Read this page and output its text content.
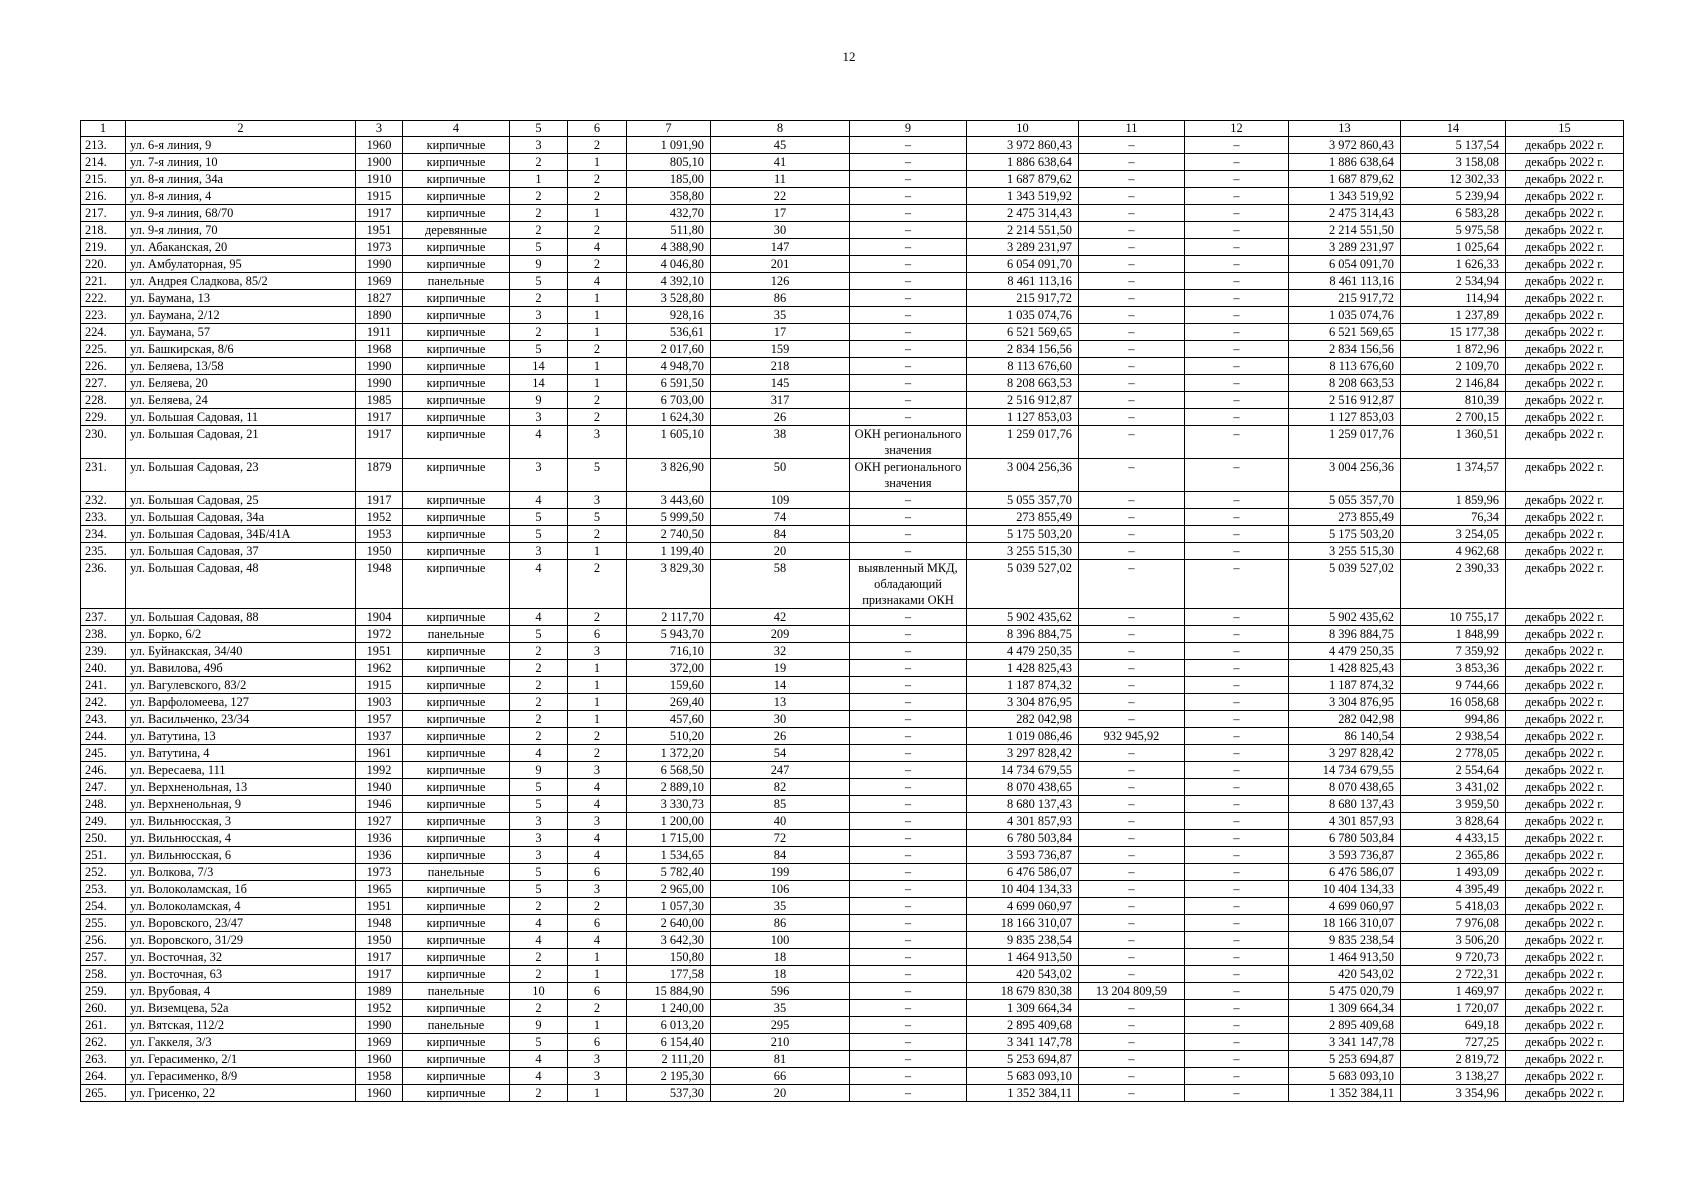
12
1	2	3	4	5	6	7	8	9	10	11	12	13	14	15
213.	ул. 6-я линия, 9	1960	кирпичные	3	2	1 091,90	45	–	3 972 860,43	–	–	3 972 860,43	5 137,54	декабрь 2022 г.
214.	ул. 7-я линия, 10	1900	кирпичные	2	1	805,10	41	–	1 886 638,64	–	–	1 886 638,64	3 158,08	декабрь 2022 г.
215.	ул. 8-я линия, 34а	1910	кирпичные	1	2	185,00	11	–	1 687 879,62	–	–	1 687 879,62	12 302,33	декабрь 2022 г.
216.	ул. 8-я линия, 4	1915	кирпичные	2	2	358,80	22	–	1 343 519,92	–	–	1 343 519,92	5 239,94	декабрь 2022 г.
217.	ул. 9-я линия, 68/70	1917	кирпичные	2	1	432,70	17	–	2 475 314,43	–	–	2 475 314,43	6 583,28	декабрь 2022 г.
218.	ул. 9-я линия, 70	1951	деревянные	2	2	511,80	30	–	2 214 551,50	–	–	2 214 551,50	5 975,58	декабрь 2022 г.
219.	ул. Абаканская, 20	1973	кирпичные	5	4	4 388,90	147	–	3 289 231,97	–	–	3 289 231,97	1 025,64	декабрь 2022 г.
220.	ул. Амбулаторная, 95	1990	кирпичные	9	2	4 046,80	201	–	6 054 091,70	–	–	6 054 091,70	1 626,33	декабрь 2022 г.
221.	ул. Андрея Сладкова, 85/2	1969	панельные	5	4	4 392,10	126	–	8 461 113,16	–	–	8 461 113,16	2 534,94	декабрь 2022 г.
222.	ул. Баумана, 13	1827	кирпичные	2	1	3 528,80	86	–	215 917,72	–	–	215 917,72	114,94	декабрь 2022 г.
223.	ул. Баумана, 2/12	1890	кирпичные	3	1	928,16	35	–	1 035 074,76	–	–	1 035 074,76	1 237,89	декабрь 2022 г.
224.	ул. Баумана, 57	1911	кирпичные	2	1	536,61	17	–	6 521 569,65	–	–	6 521 569,65	15 177,38	декабрь 2022 г.
225.	ул. Башкирская, 8/6	1968	кирпичные	5	2	2 017,60	159	–	2 834 156,56	–	–	2 834 156,56	1 872,96	декабрь 2022 г.
226.	ул. Беляева, 13/58	1990	кирпичные	14	1	4 948,70	218	–	8 113 676,60	–	–	8 113 676,60	2 109,70	декабрь 2022 г.
227.	ул. Беляева, 20	1990	кирпичные	14	1	6 591,50	145	–	8 208 663,53	–	–	8 208 663,53	2 146,84	декабрь 2022 г.
228.	ул. Беляева, 24	1985	кирпичные	9	2	6 703,00	317	–	2 516 912,87	–	–	2 516 912,87	810,39	декабрь 2022 г.
229.	ул. Большая Садовая, 11	1917	кирпичные	3	2	1 624,30	26	–	1 127 853,03	–	–	1 127 853,03	2 700,15	декабрь 2022 г.
230.	ул. Большая Садовая, 21	1917	кирпичные	4	3	1 605,10	38	ОКН регионального значения	1 259 017,76	–	–	1 259 017,76	1 360,51	декабрь 2022 г.
231.	ул. Большая Садовая, 23	1879	кирпичные	3	5	3 826,90	50	ОКН регионального значения	3 004 256,36	–	–	3 004 256,36	1 374,57	декабрь 2022 г.
232.	ул. Большая Садовая, 25	1917	кирпичные	4	3	3 443,60	109	–	5 055 357,70	–	–	5 055 357,70	1 859,96	декабрь 2022 г.
233.	ул. Большая Садовая, 34а	1952	кирпичные	5	5	5 999,50	74	–	273 855,49	–	–	273 855,49	76,34	декабрь 2022 г.
234.	ул. Большая Садовая, 34Б/41А	1953	кирпичные	5	2	2 740,50	84	–	5 175 503,20	–	–	5 175 503,20	3 254,05	декабрь 2022 г.
235.	ул. Большая Садовая, 37	1950	кирпичные	3	1	1 199,40	20	–	3 255 515,30	–	–	3 255 515,30	4 962,68	декабрь 2022 г.
236.	ул. Большая Садовая, 48	1948	кирпичные	4	2	3 829,30	58	выявленный МКД, обладающий признаками ОКН	5 039 527,02	–	–	5 039 527,02	2 390,33	декабрь 2022 г.
237.	ул. Большая Садовая, 88	1904	кирпичные	4	2	2 117,70	42	–	5 902 435,62	–	–	5 902 435,62	10 755,17	декабрь 2022 г.
238.	ул. Борко, 6/2	1972	панельные	5	6	5 943,70	209	–	8 396 884,75	–	–	8 396 884,75	1 848,99	декабрь 2022 г.
239.	ул. Буйнакская, 34/40	1951	кирпичные	2	3	716,10	32	–	4 479 250,35	–	–	4 479 250,35	7 359,92	декабрь 2022 г.
240.	ул. Вавилова, 49б	1962	кирпичные	2	1	372,00	19	–	1 428 825,43	–	–	1 428 825,43	3 853,36	декабрь 2022 г.
241.	ул. Вагулевского, 83/2	1915	кирпичные	2	1	159,60	14	–	1 187 874,32	–	–	1 187 874,32	9 744,66	декабрь 2022 г.
242.	ул. Варфоломеева, 127	1903	кирпичные	2	1	269,40	13	–	3 304 876,95	–	–	3 304 876,95	16 058,68	декабрь 2022 г.
243.	ул. Васильченко, 23/34	1957	кирпичные	2	1	457,60	30	–	282 042,98	–	–	282 042,98	994,86	декабрь 2022 г.
244.	ул. Ватутина, 13	1937	кирпичные	2	2	510,20	26	–	1 019 086,46	932 945,92	–	86 140,54	2 938,54	декабрь 2022 г.
245.	ул. Ватутина, 4	1961	кирпичные	4	2	1 372,20	54	–	3 297 828,42	–	–	3 297 828,42	2 778,05	декабрь 2022 г.
246.	ул. Вересаева, 111	1992	кирпичные	9	3	6 568,50	247	–	14 734 679,55	–	–	14 734 679,55	2 554,64	декабрь 2022 г.
247.	ул. Верхненольная, 13	1940	кирпичные	5	4	2 889,10	82	–	8 070 438,65	–	–	8 070 438,65	3 431,02	декабрь 2022 г.
248.	ул. Верхненольная, 9	1946	кирпичные	5	4	3 330,73	85	–	8 680 137,43	–	–	8 680 137,43	3 959,50	декабрь 2022 г.
249.	ул. Вильнюсская, 3	1927	кирпичные	3	3	1 200,00	40	–	4 301 857,93	–	–	4 301 857,93	3 828,64	декабрь 2022 г.
250.	ул. Вильнюсская, 4	1936	кирпичные	3	4	1 715,00	72	–	6 780 503,84	–	–	6 780 503,84	4 433,15	декабрь 2022 г.
251.	ул. Вильнюсская, 6	1936	кирпичные	3	4	1 534,65	84	–	3 593 736,87	–	–	3 593 736,87	2 365,86	декабрь 2022 г.
252.	ул. Волкова, 7/3	1973	панельные	5	6	5 782,40	199	–	6 476 586,07	–	–	6 476 586,07	1 493,09	декабрь 2022 г.
253.	ул. Волоколамская, 1б	1965	кирпичные	5	3	2 965,00	106	–	10 404 134,33	–	–	10 404 134,33	4 395,49	декабрь 2022 г.
254.	ул. Волоколамская, 4	1951	кирпичные	2	2	1 057,30	35	–	4 699 060,97	–	–	4 699 060,97	5 418,03	декабрь 2022 г.
255.	ул. Воровского, 23/47	1948	кирпичные	4	6	2 640,00	86	–	18 166 310,07	–	–	18 166 310,07	7 976,08	декабрь 2022 г.
256.	ул. Воровского, 31/29	1950	кирпичные	4	4	3 642,30	100	–	9 835 238,54	–	–	9 835 238,54	3 506,20	декабрь 2022 г.
257.	ул. Восточная, 32	1917	кирпичные	2	1	150,80	18	–	1 464 913,50	–	–	1 464 913,50	9 720,73	декабрь 2022 г.
258.	ул. Восточная, 63	1917	кирпичные	2	1	177,58	18	–	420 543,02	–	–	420 543,02	2 722,31	декабрь 2022 г.
259.	ул. Врубовая, 4	1989	панельные	10	6	15 884,90	596	–	18 679 830,38	13 204 809,59	–	5 475 020,79	1 469,97	декабрь 2022 г.
260.	ул. Виземцева, 52а	1952	кирпичные	2	2	1 240,00	35	–	1 309 664,34	–	–	1 309 664,34	1 720,07	декабрь 2022 г.
261.	ул. Вятская, 112/2	1990	панельные	9	1	6 013,20	295	–	2 895 409,68	–	–	2 895 409,68	649,18	декабрь 2022 г.
262.	ул. Гаккеля, 3/3	1969	кирпичные	5	6	6 154,40	210	–	3 341 147,78	–	–	3 341 147,78	727,25	декабрь 2022 г.
263.	ул. Герасименко, 2/1	1960	кирпичные	4	3	2 111,20	81	–	5 253 694,87	–	–	5 253 694,87	2 819,72	декабрь 2022 г.
264.	ул. Герасименко, 8/9	1958	кирпичные	4	3	2 195,30	66	–	5 683 093,10	–	–	5 683 093,10	3 138,27	декабрь 2022 г.
265.	ул. Грисенко, 22	1960	кирпичные	2	1	537,30	20	–	1 352 384,11	–	–	1 352 384,11	3 354,96	декабрь 2022 г.
